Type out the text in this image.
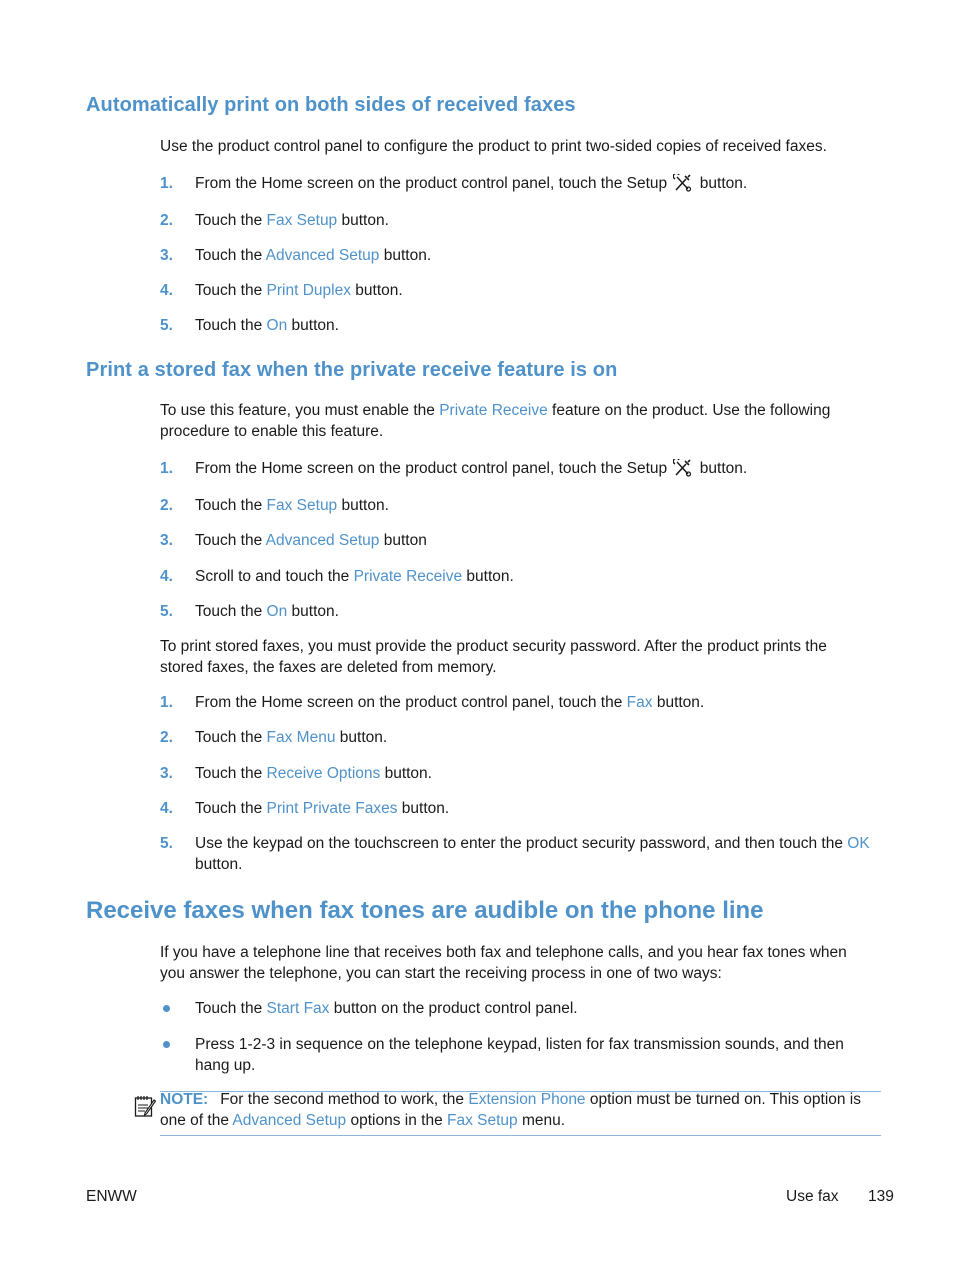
Automatically print on both sides of received faxes

Use the product control panel to configure the product to print two-sided copies of received faxes.

1.	From the Home screen on the product control panel, touch the Setup button.
2.	Touch the Fax Setup button.
3.	Touch the Advanced Setup button.
4.	Touch the Print Duplex button.
5.	Touch the On button.
Print a stored fax when the private receive feature is on

To use this feature, you must enable the Private Receive feature on the product. Use the following procedure to enable this feature.

1.	From the Home screen on the product control panel, touch the Setup button.
2.	Touch the Fax Setup button.
3.	Touch the Advanced Setup button
4.	Scroll to and touch the Private Receive button.
5.	Touch the On button.

To print stored faxes, you must provide the product security password. After the product prints the stored faxes, the faxes are deleted from memory.

1.	From the Home screen on the product control panel, touch the Fax button.
2.	Touch the Fax Menu button.
3.	Touch the Receive Options button.
4.	Touch the Print Private Faxes button.
5.	Use the keypad on the touchscreen to enter the product security password, and then touch the OK button.
Receive faxes when fax tones are audible on the phone line

If you have a telephone line that receives both fax and telephone calls, and you hear fax tones when you answer the telephone, you can start the receiving process in one of two ways:

Touch the Start Fax button on the product control panel.
Press 1-2-3 in sequence on the telephone keypad, listen for fax transmission sounds, and then hang up.
NOTE: For the second method to work, the Extension Phone option must be turned on. This option is one of the Advanced Setup options in the Fax Setup menu.
ENWW	Use fax 139
